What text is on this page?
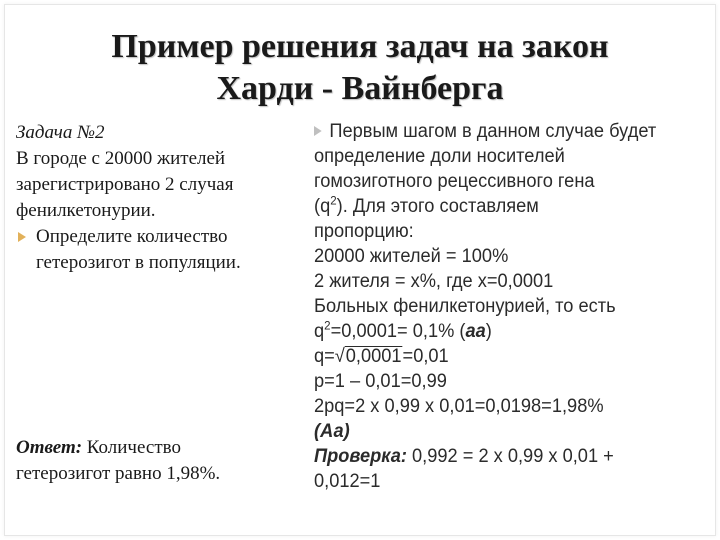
Пример решения задач на закон
Харди - Вайнберга
Задача №2
В городе с 20000 жителей
зарегистрировано 2 случая
фенилкетонурии.
Определите количество
гетерозигот в популяции.
Ответ: Количество
гетерозигот равно 1,98%.
Первым шагом в данном случае будет
определение доли носителей
гомозиготного рецессивного гена
$(q^2)$. Для этого составляем
пропорцию:
20000 жителей = 100%
2 жителя = х%, где х=0,0001
Больных фенилкетонурией, то есть
$q^2=0,0001= 0,1\%$ (аа)
q=√0,0001=0,01
p=1 – 0,01=0,99
2pq=2 x 0,99 x 0,01=0,0198=1,98%
(Аа)
Проверка: 0,992 = 2 х 0,99 х 0,01 +
0,012=1
